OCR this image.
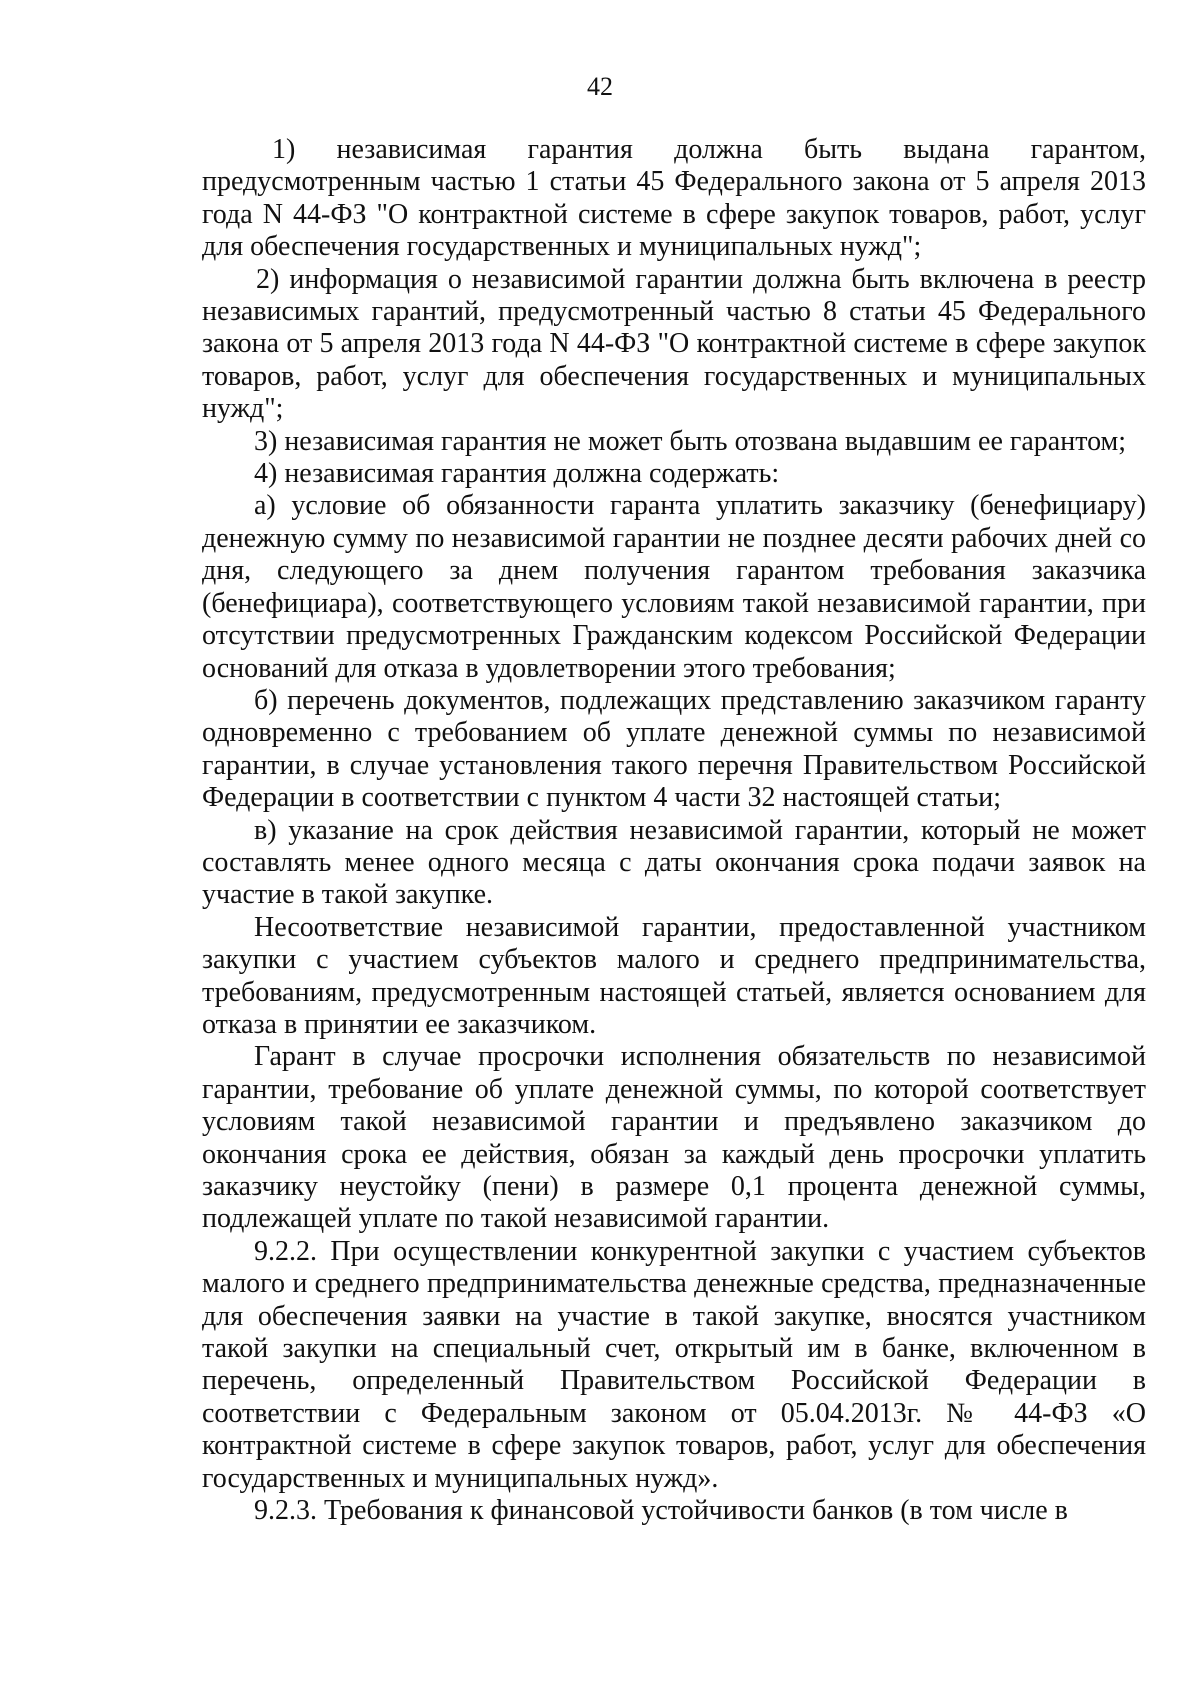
42

1) независимая гарантия должна быть выдана гарантом, предусмотренным частью 1 статьи 45 Федерального закона от 5 апреля 2013 года N 44-ФЗ "О контрактной системе в сфере закупок товаров, работ, услуг для обеспечения государственных и муниципальных нужд";

2) информация о независимой гарантии должна быть включена в реестр независимых гарантий, предусмотренный частью 8 статьи 45 Федерального закона от 5 апреля 2013 года N 44-ФЗ "О контрактной системе в сфере закупок товаров, работ, услуг для обеспечения государственных и муниципальных нужд";

3) независимая гарантия не может быть отозвана выдавшим ее гарантом;

4) независимая гарантия должна содержать:

а) условие об обязанности гаранта уплатить заказчику (бенефициару) денежную сумму по независимой гарантии не позднее десяти рабочих дней со дня, следующего за днем получения гарантом требования заказчика (бенефициара), соответствующего условиям такой независимой гарантии, при отсутствии предусмотренных Гражданским кодексом Российской Федерации оснований для отказа в удовлетворении этого требования;

б) перечень документов, подлежащих представлению заказчиком гаранту одновременно с требованием об уплате денежной суммы по независимой гарантии, в случае установления такого перечня Правительством Российской Федерации в соответствии с пунктом 4 части 32 настоящей статьи;

в) указание на срок действия независимой гарантии, который не может составлять менее одного месяца с даты окончания срока подачи заявок на участие в такой закупке.

Несоответствие независимой гарантии, предоставленной участником закупки с участием субъектов малого и среднего предпринимательства, требованиям, предусмотренным настоящей статьей, является основанием для отказа в принятии ее заказчиком.

Гарант в случае просрочки исполнения обязательств по независимой гарантии, требование об уплате денежной суммы, по которой соответствует условиям такой независимой гарантии и предъявлено заказчиком до окончания срока ее действия, обязан за каждый день просрочки уплатить заказчику неустойку (пени) в размере 0,1 процента денежной суммы, подлежащей уплате по такой независимой гарантии.

9.2.2. При осуществлении конкурентной закупки с участием субъектов малого и среднего предпринимательства денежные средства, предназначенные для обеспечения заявки на участие в такой закупке, вносятся участником такой закупки на специальный счет, открытый им в банке, включенном в перечень, определенный Правительством Российской Федерации в соответствии с Федеральным законом от 05.04.2013г. № 44-ФЗ «О контрактной системе в сфере закупок товаров, работ, услуг для обеспечения государственных и муниципальных нужд».

9.2.3. Требования к финансовой устойчивости банков (в том числе в
